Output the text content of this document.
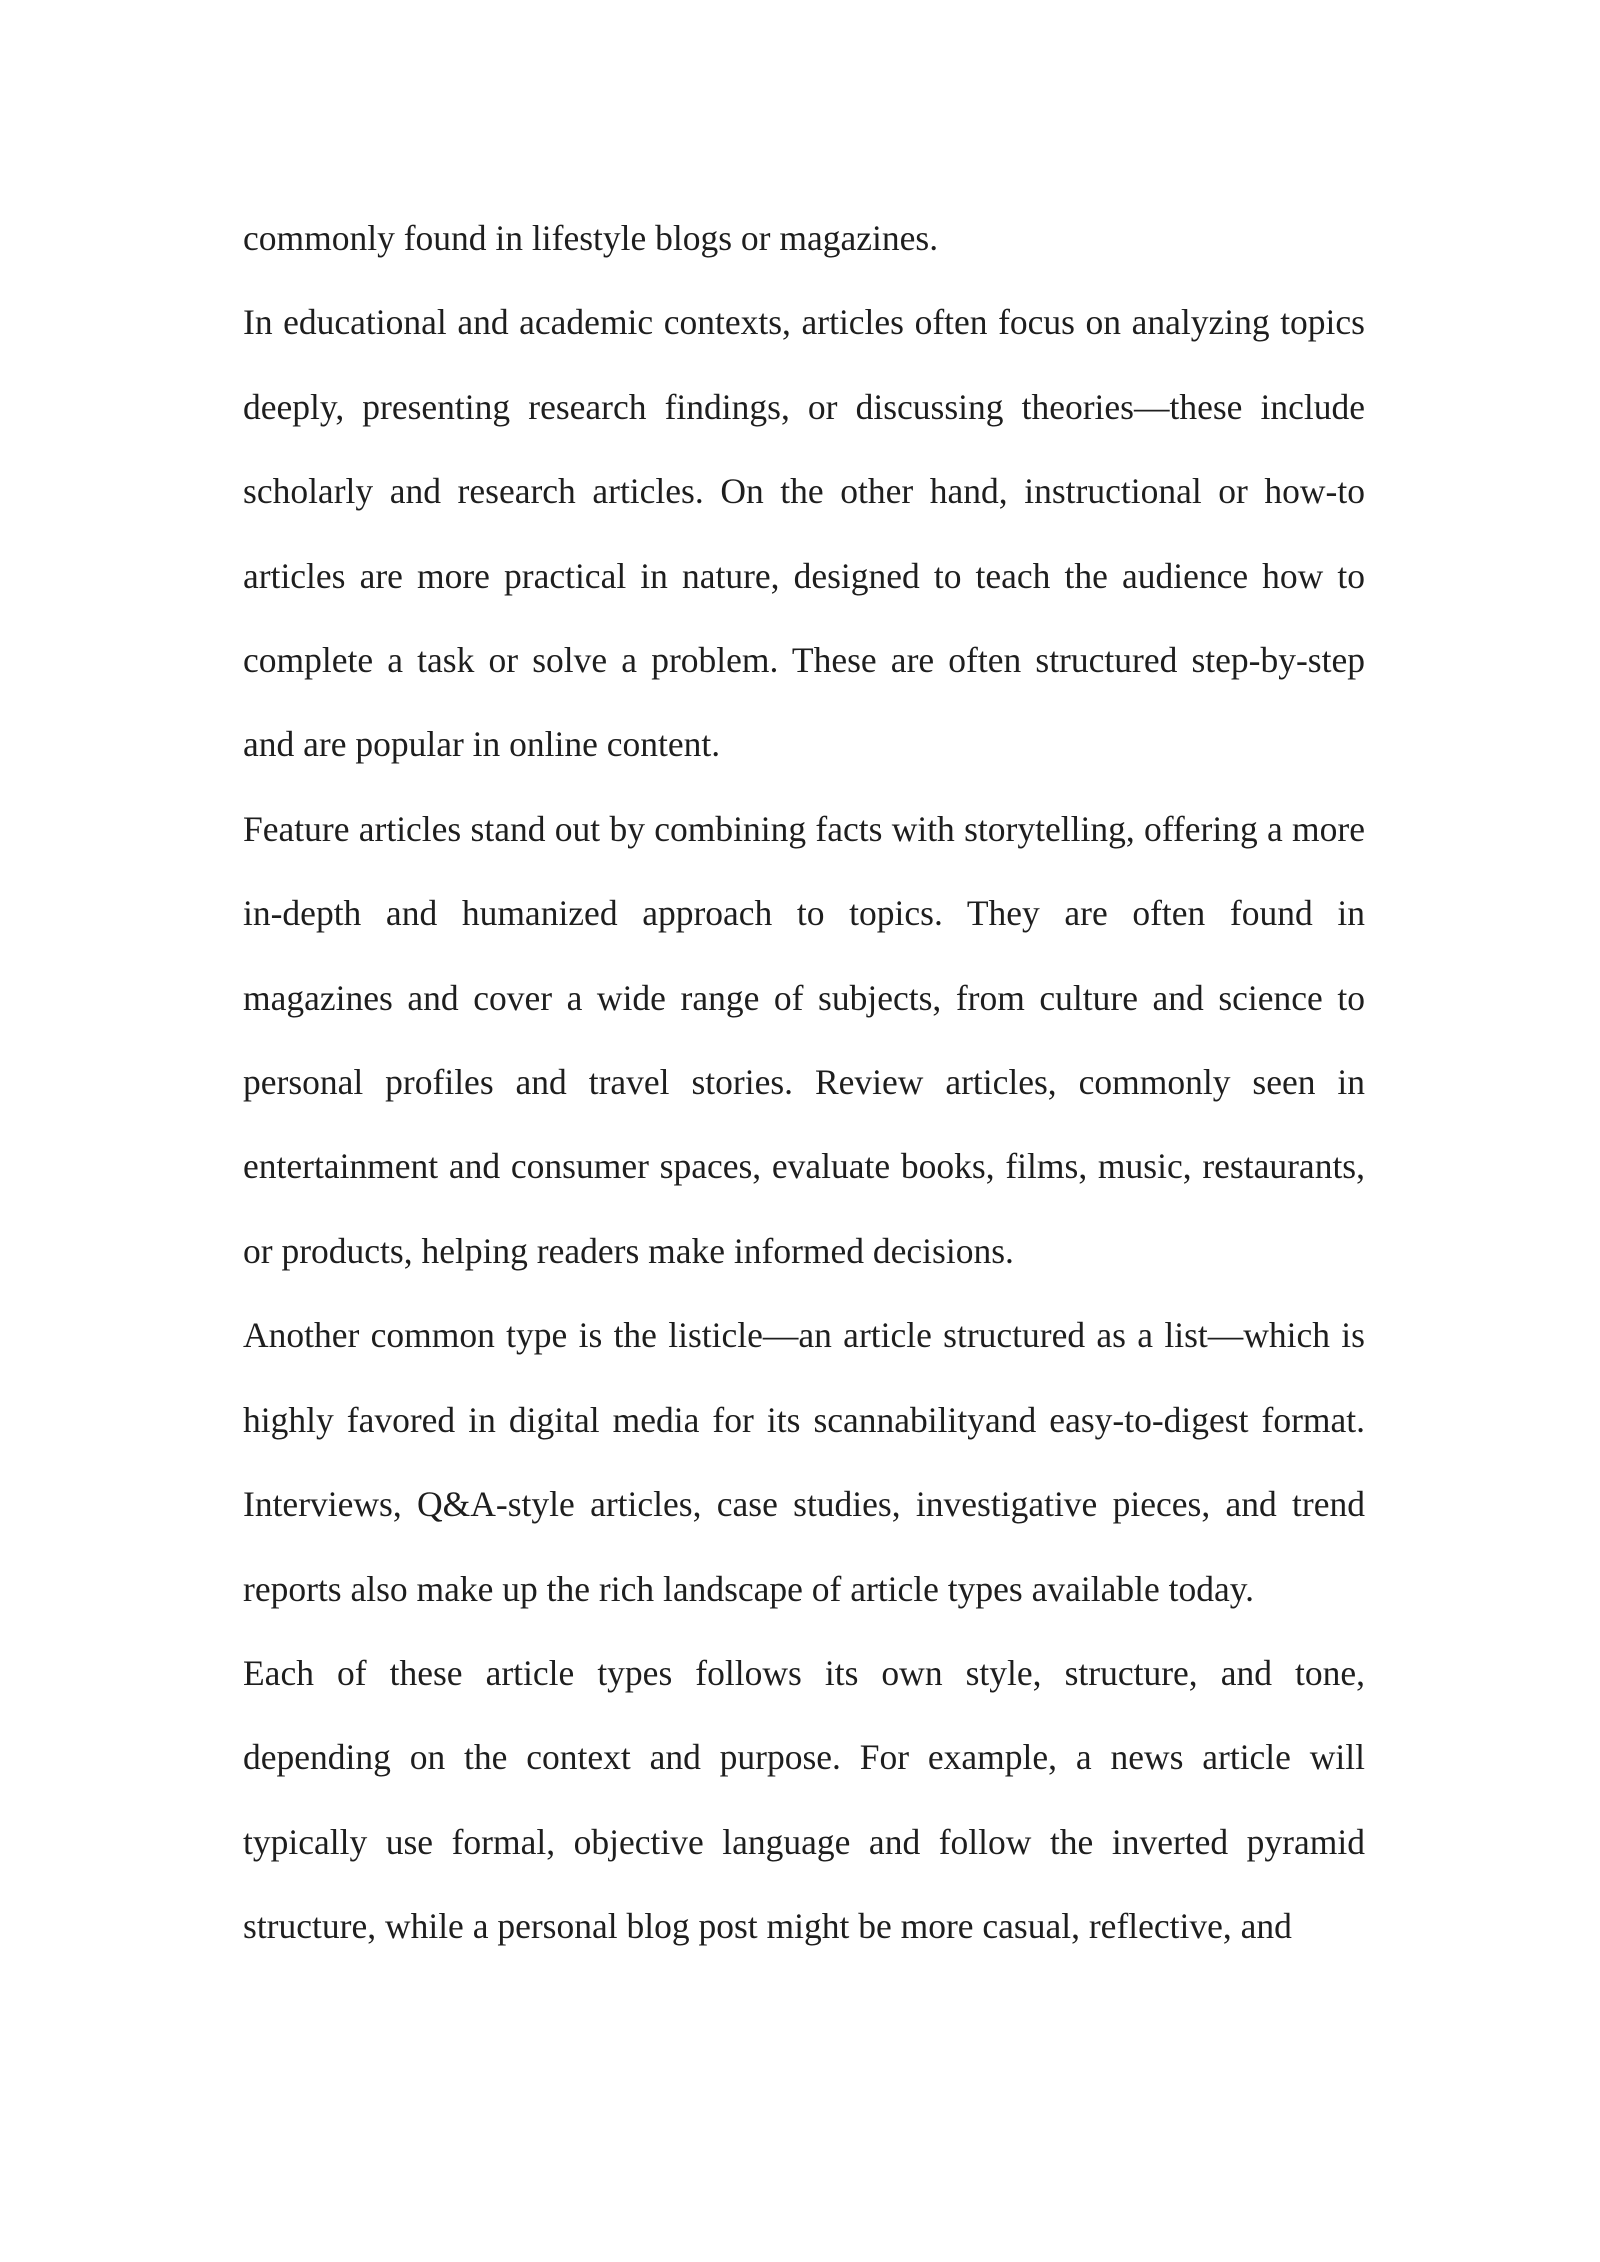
commonly found in lifestyle blogs or magazines.

In educational and academic contexts, articles often focus on analyzing topics deeply, presenting research findings, or discussing theories—these include scholarly and research articles. On the other hand, instructional or how-to articles are more practical in nature, designed to teach the audience how to complete a task or solve a problem. These are often structured step-by-step and are popular in online content.

Feature articles stand out by combining facts with storytelling, offering a more in-depth and humanized approach to topics. They are often found in magazines and cover a wide range of subjects, from culture and science to personal profiles and travel stories. Review articles, commonly seen in entertainment and consumer spaces, evaluate books, films, music, restaurants, or products, helping readers make informed decisions.

Another common type is the listicle—an article structured as a list—which is highly favored in digital media for its scannabilityand easy-to-digest format. Interviews, Q&A-style articles, case studies, investigative pieces, and trend reports also make up the rich landscape of article types available today.

Each of these article types follows its own style, structure, and tone, depending on the context and purpose. For example, a news article will typically use formal, objective language and follow the inverted pyramid structure, while a personal blog post might be more casual, reflective, and
